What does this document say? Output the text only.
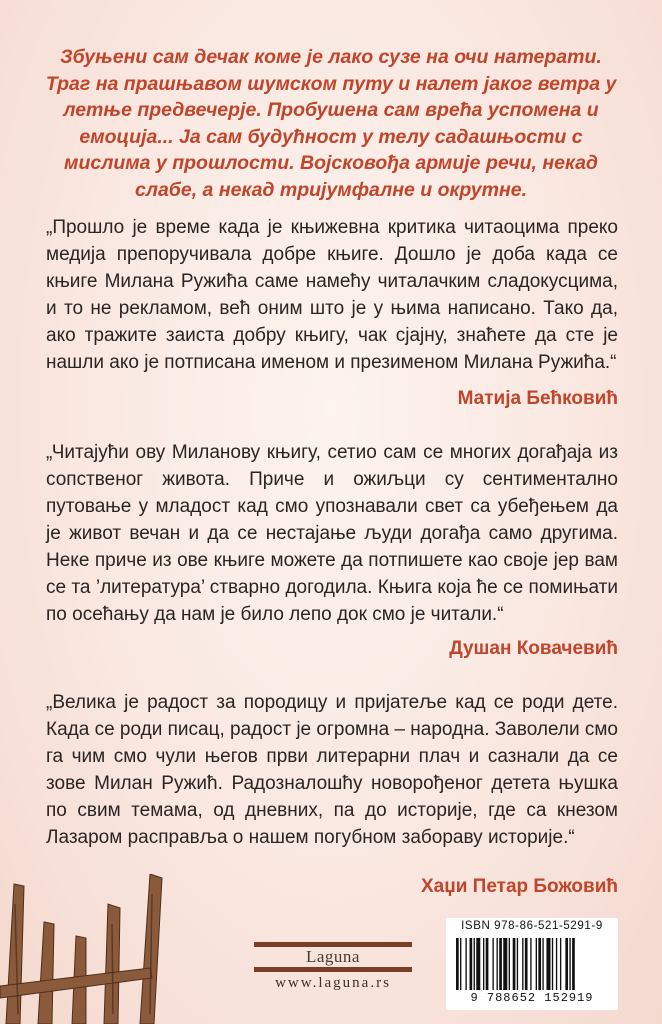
Збуњени сам дечак коме је лако сузе на очи натерати. Траг на прашњавом шумском путу и налет јаког ветра у летње предвечерје. Пробушена сам врећа успомена и емоција... Ја сам будућност у телу садашњости с мислима у прошлости. Војсковођа армије речи, некад слабе, а некад тријумфалне и окрутне.

„Прошло је време када је књижевна критика читаоцима преко медија препоручивала добре књиге. Дошло је доба када се књиге Милана Ружића саме намећу читалачким сладокусцима, и то не рекламом, већ оним што је у њима написано. Тако да, ако тражите заиста добру књигу, чак сјајну, знаћете да сте је нашли ако је потписана именом и презименом Милана Ружића.“

Матија Бећковић

„Читајући ову Миланову књигу, сетио сам се многих догађаја из сопственог живота. Приче и ожиљци су сентиментално путовање у младост кад смо упознавали свет са убеђењем да је живот вечан и да се нестајање људи догађа само другима. Неке приче из ове књиге можете да потпишете као своје јер вам се та ’литература’ стварно догодила. Књига која ће се помињати по осећању да нам је било лепо док смо је читали.“

Душан Ковачевић

„Велика је радост за породицу и пријатеље кад се роди дете. Када се роди писац, радост је огромна – народна. Заволели смо га чим смо чули његов први литерарни плач и сазнали да се зове Милан Ружић. Радозналошћу новорођеног детета њушка по свим темама, од дневних, па до историје, где са кнезом Лазаром расправља о нашем погубном забораву историје.“

Хаџи Петар Божовић

Laguna
www.laguna.rs
ISBN 978-86-521-5291-9
9 788652 152919
